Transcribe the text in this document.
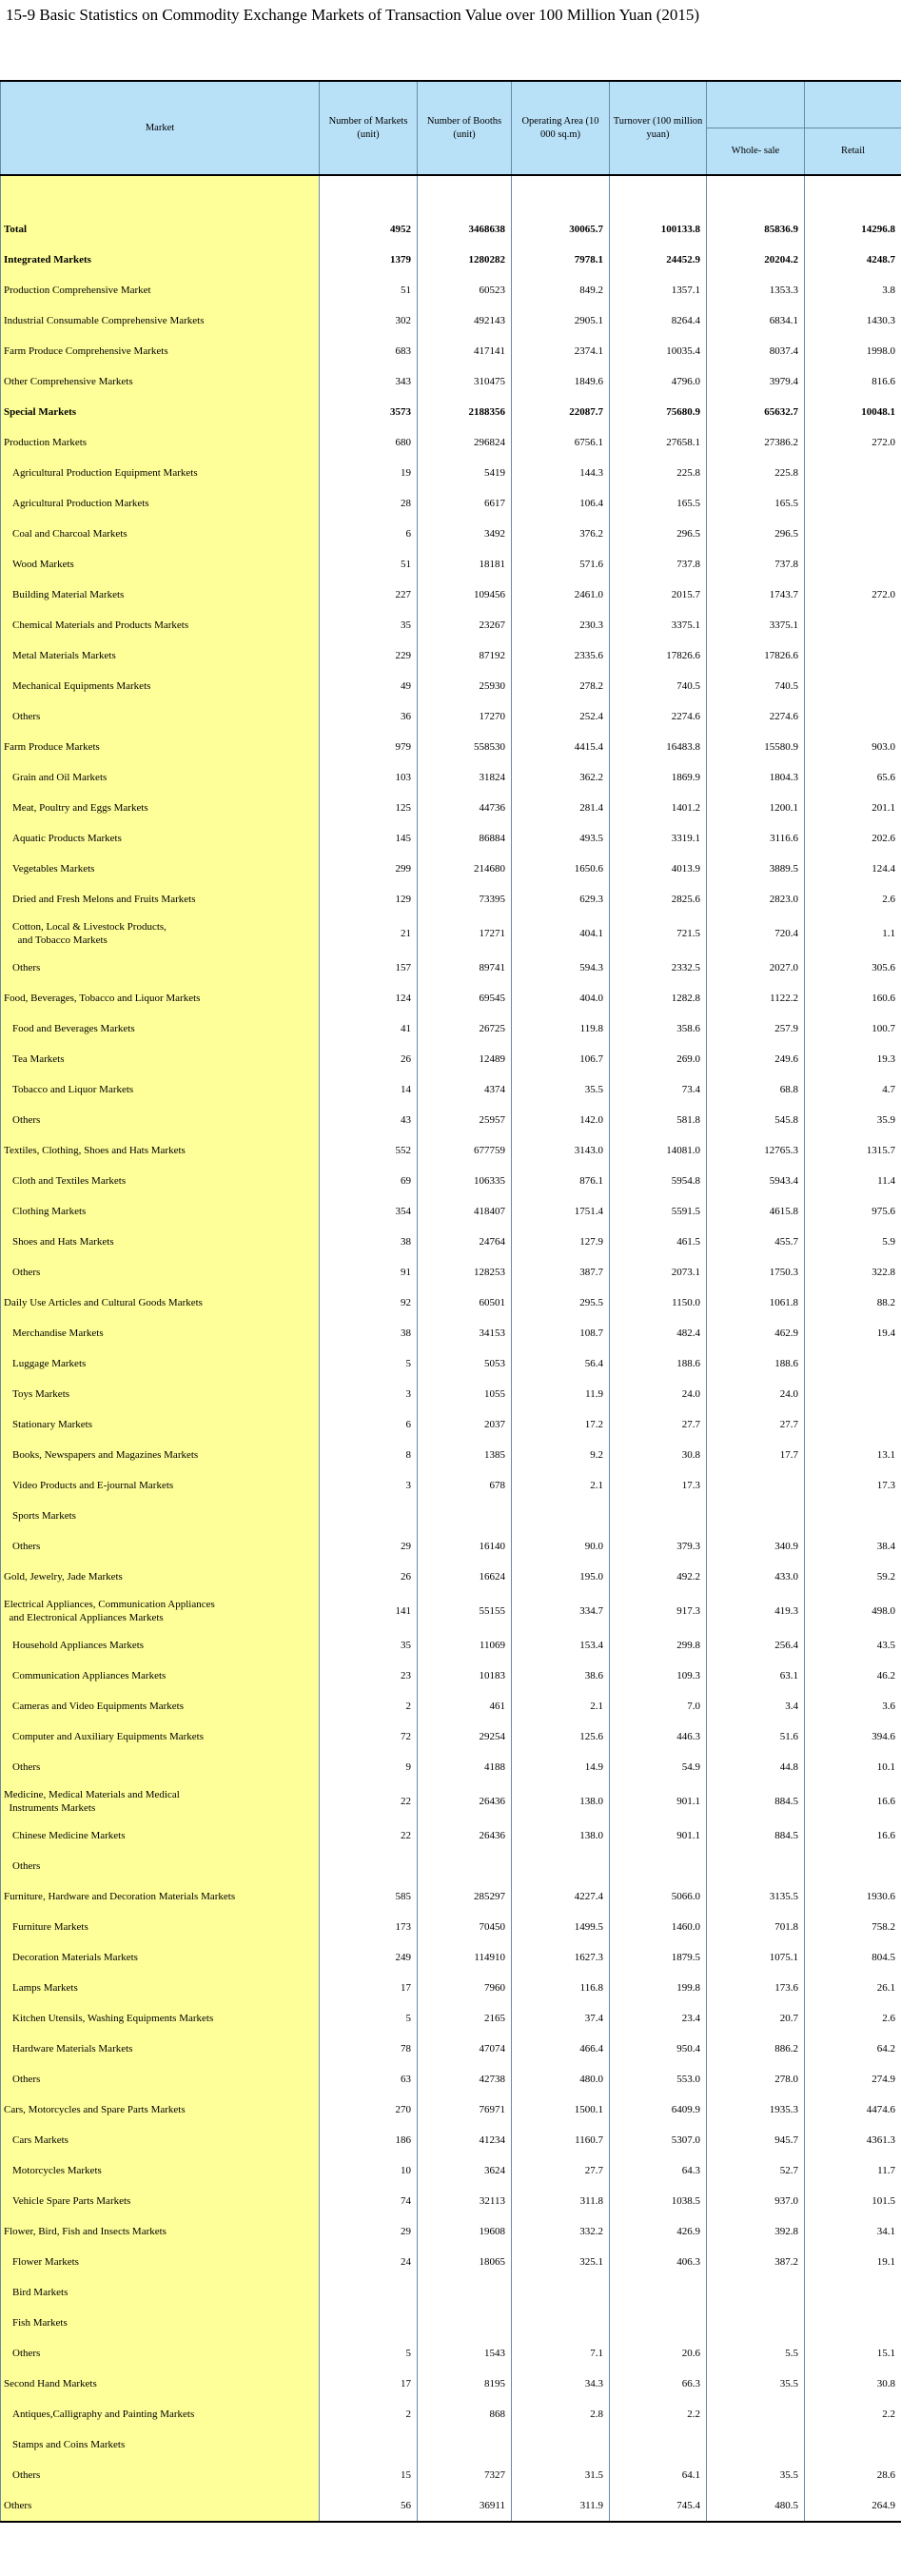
15-9 Basic Statistics on Commodity Exchange Markets of Transaction Value over 100 Million Yuan (2015)
Market	Number of Markets (unit)	Number of Booths (unit)	Operating Area (10 000 sq.m)	Turnover (100 million yuan)		
					Whole- sale	Retail

Total	4952	3468638	30065.7	100133.8	85836.9	14296.8
Integrated Markets	1379	1280282	7978.1	24452.9	20204.2	4248.7
Production Comprehensive Market	51	60523	849.2	1357.1	1353.3	3.8
Industrial Consumable Comprehensive Markets	302	492143	2905.1	8264.4	6834.1	1430.3
Farm Produce Comprehensive Markets	683	417141	2374.1	10035.4	8037.4	1998.0
Other Comprehensive Markets	343	310475	1849.6	4796.0	3979.4	816.6
Special Markets	3573	2188356	22087.7	75680.9	65632.7	10048.1
Production Markets	680	296824	6756.1	27658.1	27386.2	272.0
Agricultural Production Equipment Markets	19	5419	144.3	225.8	225.8	
Agricultural Production Markets	28	6617	106.4	165.5	165.5	
Coal and Charcoal Markets	6	3492	376.2	296.5	296.5	
Wood Markets	51	18181	571.6	737.8	737.8	
Building Material Markets	227	109456	2461.0	2015.7	1743.7	272.0
Chemical Materials and Products Markets	35	23267	230.3	3375.1	3375.1	
Metal Materials Markets	229	87192	2335.6	17826.6	17826.6	
Mechanical Equipments Markets	49	25930	278.2	740.5	740.5	
Others	36	17270	252.4	2274.6	2274.6	
Farm Produce Markets	979	558530	4415.4	16483.8	15580.9	903.0
Grain and Oil Markets	103	31824	362.2	1869.9	1804.3	65.6
Meat, Poultry and Eggs Markets	125	44736	281.4	1401.2	1200.1	201.1
Aquatic Products Markets	145	86884	493.5	3319.1	3116.6	202.6
Vegetables Markets	299	214680	1650.6	4013.9	3889.5	124.4
Dried and Fresh Melons and Fruits Markets	129	73395	629.3	2825.6	2823.0	2.6
Cotton, Local & Livestock Products,
and Tobacco Markets	21	17271	404.1	721.5	720.4	1.1
Others	157	89741	594.3	2332.5	2027.0	305.6
Food, Beverages, Tobacco and Liquor Markets	124	69545	404.0	1282.8	1122.2	160.6
Food and Beverages Markets	41	26725	119.8	358.6	257.9	100.7
Tea Markets	26	12489	106.7	269.0	249.6	19.3
Tobacco and Liquor Markets	14	4374	35.5	73.4	68.8	4.7
Others	43	25957	142.0	581.8	545.8	35.9
Textiles, Clothing, Shoes and Hats Markets	552	677759	3143.0	14081.0	12765.3	1315.7
Cloth and Textiles Markets	69	106335	876.1	5954.8	5943.4	11.4
Clothing Markets	354	418407	1751.4	5591.5	4615.8	975.6
Shoes and Hats Markets	38	24764	127.9	461.5	455.7	5.9
Others	91	128253	387.7	2073.1	1750.3	322.8
Daily Use Articles and Cultural Goods Markets	92	60501	295.5	1150.0	1061.8	88.2
Merchandise Markets	38	34153	108.7	482.4	462.9	19.4
Luggage Markets	5	5053	56.4	188.6	188.6	
Toys Markets	3	1055	11.9	24.0	24.0	
Stationary Markets	6	2037	17.2	27.7	27.7	
Books, Newspapers and Magazines Markets	8	1385	9.2	30.8	17.7	13.1
Video Products and E-journal Markets	3	678	2.1	17.3		17.3
Sports Markets						
Others	29	16140	90.0	379.3	340.9	38.4
Gold, Jewelry, Jade Markets	26	16624	195.0	492.2	433.0	59.2
Electrical Appliances, Communication Appliances
and Electronical Appliances Markets	141	55155	334.7	917.3	419.3	498.0
Household Appliances Markets	35	11069	153.4	299.8	256.4	43.5
Communication Appliances Markets	23	10183	38.6	109.3	63.1	46.2
Cameras and Video Equipments Markets	2	461	2.1	7.0	3.4	3.6
Computer and Auxiliary Equipments Markets	72	29254	125.6	446.3	51.6	394.6
Others	9	4188	14.9	54.9	44.8	10.1
Medicine, Medical Materials and Medical
Instruments Markets	22	26436	138.0	901.1	884.5	16.6
Chinese Medicine Markets	22	26436	138.0	901.1	884.5	16.6
Others						
Furniture, Hardware and Decoration Materials Markets	585	285297	4227.4	5066.0	3135.5	1930.6
Furniture Markets	173	70450	1499.5	1460.0	701.8	758.2
Decoration Materials Markets	249	114910	1627.3	1879.5	1075.1	804.5
Lamps Markets	17	7960	116.8	199.8	173.6	26.1
Kitchen Utensils, Washing Equipments Markets	5	2165	37.4	23.4	20.7	2.6
Hardware Materials Markets	78	47074	466.4	950.4	886.2	64.2
Others	63	42738	480.0	553.0	278.0	274.9
Cars, Motorcycles and Spare Parts Markets	270	76971	1500.1	6409.9	1935.3	4474.6
Cars Markets	186	41234	1160.7	5307.0	945.7	4361.3
Motorcycles Markets	10	3624	27.7	64.3	52.7	11.7
Vehicle Spare Parts Markets	74	32113	311.8	1038.5	937.0	101.5
Flower, Bird, Fish and Insects Markets	29	19608	332.2	426.9	392.8	34.1
Flower Markets	24	18065	325.1	406.3	387.2	19.1
Bird Markets						
Fish Markets						
Others	5	1543	7.1	20.6	5.5	15.1
Second Hand Markets	17	8195	34.3	66.3	35.5	30.8
Antiques,Calligraphy and Painting Markets	2	868	2.8	2.2		2.2
Stamps and Coins Markets						
Others	15	7327	31.5	64.1	35.5	28.6
Others	56	36911	311.9	745.4	480.5	264.9
